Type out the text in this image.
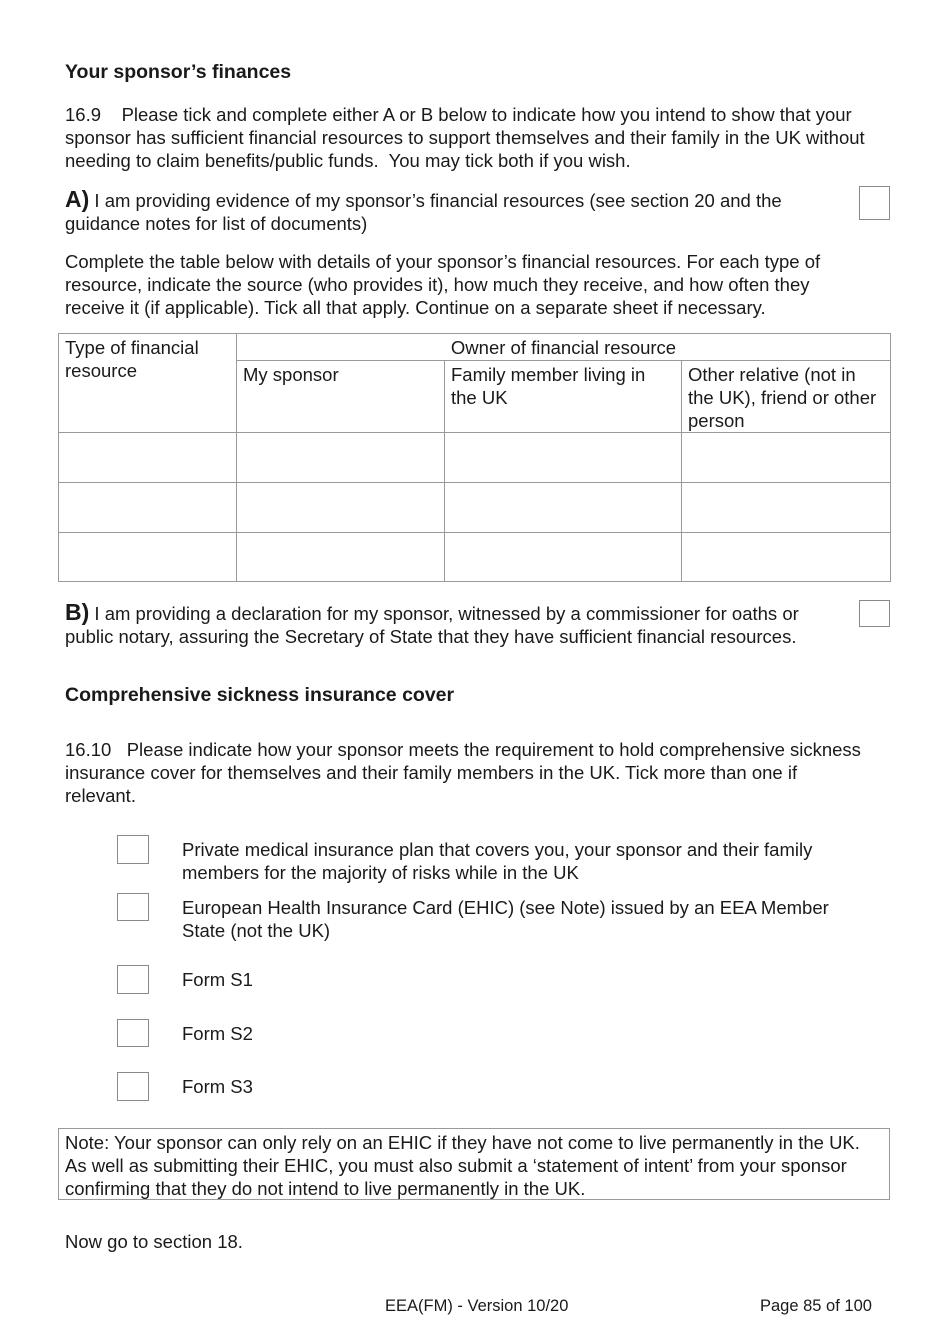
Your sponsor’s finances
16.9    Please tick and complete either A or B below to indicate how you intend to show that your sponsor has sufficient financial resources to support themselves and their family in the UK without needing to claim benefits/public funds.  You may tick both if you wish.
A) I am providing evidence of my sponsor’s financial resources (see section 20 and the guidance notes for list of documents)
Complete the table below with details of your sponsor’s financial resources. For each type of resource, indicate the source (who provides it), how much they receive, and how often they receive it (if applicable). Tick all that apply. Continue on a separate sheet if necessary.
Type of financial resource	Owner of financial resource		
	My sponsor	Family member living in the UK	Other relative (not in the UK), friend or other person

B) I am providing a declaration for my sponsor, witnessed by a commissioner for oaths or public notary, assuring the Secretary of State that they have sufficient financial resources.
Comprehensive sickness insurance cover
16.10   Please indicate how your sponsor meets the requirement to hold comprehensive sickness insurance cover for themselves and their family members in the UK. Tick more than one if relevant.
Private medical insurance plan that covers you, your sponsor and their family members for the majority of risks while in the UK
European Health Insurance Card (EHIC) (see Note) issued by an EEA Member State (not the UK)
Form S1
Form S2
Form S3
Note: Your sponsor can only rely on an EHIC if they have not come to live permanently in the UK. As well as submitting their EHIC, you must also submit a ‘statement of intent’ from your sponsor confirming that they do not intend to live permanently in the UK.
Now go to section 18.
EEA(FM) - Version 10/20	Page 85 of 100
